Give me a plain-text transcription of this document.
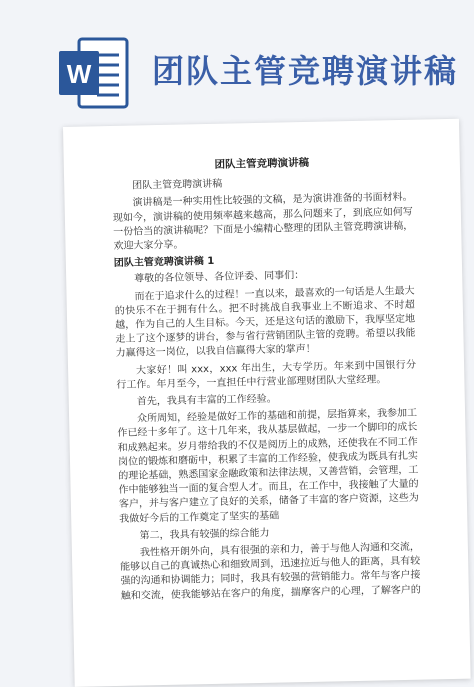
W 团队主管竞聘演讲稿
团队主管竞聘演讲稿

团队主管竞聘演讲稿

演讲稿是一种实用性比较强的文稿，是为演讲准备的书面材料。现如今，演讲稿的使用频率越来越高，那么问题来了，到底应如何写一份恰当的演讲稿呢？下面是小编精心整理的团队主管竞聘演讲稿，欢迎大家分享。

团队主管竞聘演讲稿 1

尊敬的各位领导、各位评委、同事们：

而在于追求什么的过程！一直以来，最喜欢的一句话是人生最大的快乐不在于拥有什么。把不时挑战自我事业上不断追求、不时超越，作为自己的人生目标。今天，还是这句话的激励下，我厚坚定地走上了这个逐梦的讲台，参与省行营销团队主管的竞聘。希望以我能力赢得这一岗位，以我自信赢得大家的掌声！

大家好！叫 xxx，xxx 年出生，大专学历。年来到中国银行分行工作。年月至今，一直担任中行营业部理财团队大堂经理。

首先，我具有丰富的工作经验。

众所周知，经验是做好工作的基础和前提，层指算来，我参加工作已经十多年了。这十几年来，我从基层做起，一步一个脚印的成长和成熟起来。岁月带给我的不仅是阅历上的成熟，还使我在不同工作岗位的锻炼和磨砺中，积累了丰富的工作经验，使我成为既具有扎实的理论基础，熟悉国家金融政策和法律法规，又善营销，会管理，工作中能够独当一面的复合型人才。而且，在工作中，我接触了大量的客户，并与客户建立了良好的关系，储备了丰富的客户资源，这些为我做好今后的工作奠定了坚实的基础

第二，我具有较强的综合能力

我性格开朗外向，具有很强的亲和力，善于与他人沟通和交流，能够以自己的真诚热心和细致周到，迅速拉近与他人的距离，具有较强的沟通和协调能力；同时，我具有较强的营销能力。常年与客户接触和交流，使我能够站在客户的角度，揣摩客户的心理，了解客户的
